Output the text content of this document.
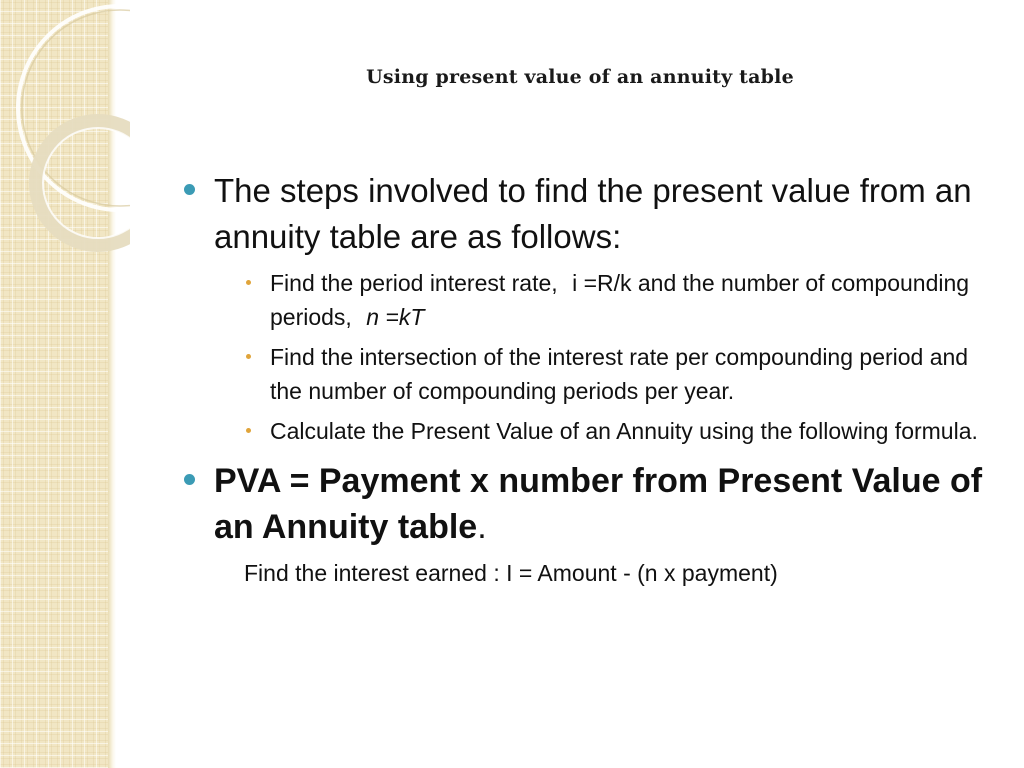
Using present value of an annuity table
The steps involved to find the present value from an annuity table are as follows:
Find the period interest rate, i =R/k and the number of compounding periods, n =kT
Find the intersection of the interest rate per compounding period and the number of compounding periods per year.
Calculate the Present Value of an Annuity using the following formula.
PVA = Payment x number from Present Value of an Annuity table.
Find the interest earned : I = Amount - (n x payment)
